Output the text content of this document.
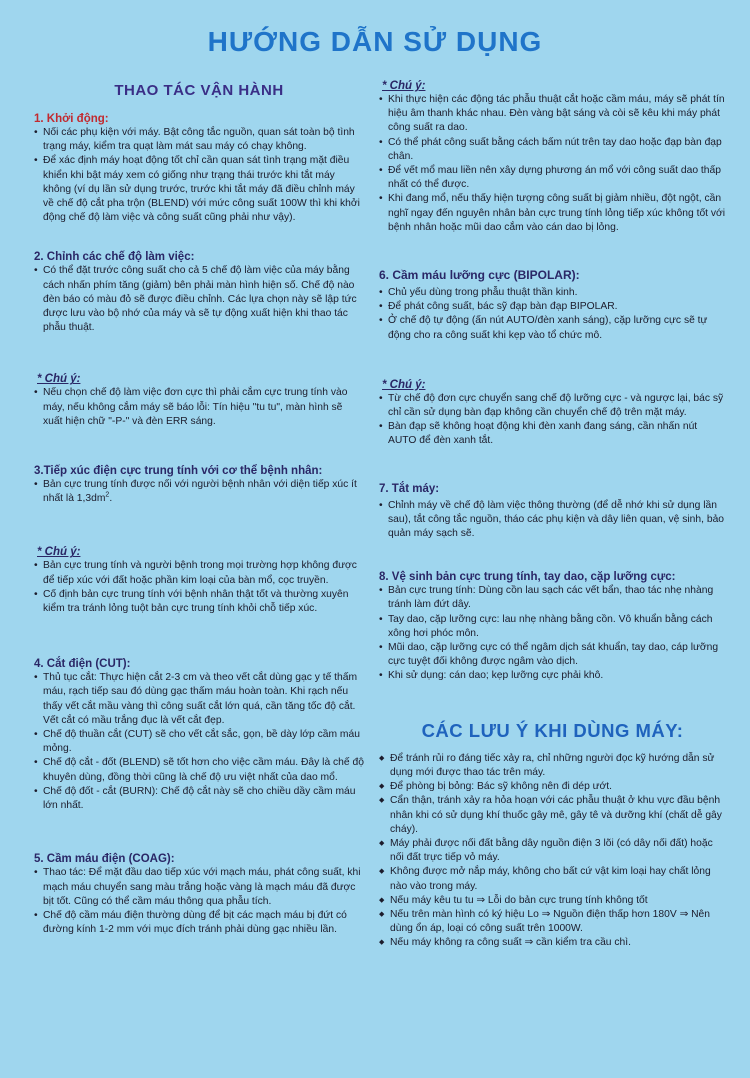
HƯỚNG DẪN SỬ DỤNG
THAO TÁC VẬN HÀNH
1. Khởi động:
• Nối các phụ kiện với máy. Bật công tắc nguồn, quan sát toàn bộ tình trạng máy, kiểm tra quạt làm mát sau máy có chạy không.
• Để xác định máy hoạt động tốt chỉ cần quan sát tình trạng mặt điều khiển khi bật máy xem có giống như trạng thái trước khi tắt máy không (ví dụ lần sử dụng trước, trước khi tắt máy đã điều chỉnh máy về chế độ cắt pha trộn (BLEND) với mức công suất 100W thì khi khởi động chế độ làm việc và công suất cũng phải như vậy).
2. Chỉnh các chế độ làm việc:
• Có thể đặt trước công suất cho cả 5 chế độ làm việc của máy bằng cách nhấn phím tăng (giảm) bên phải màn hình hiện số. Chế độ nào đèn báo có màu đỏ sẽ được điều chỉnh. Các lựa chọn này sẽ lập tức được lưu vào bộ nhớ của máy và sẽ tự động xuất hiện khi thao tác phẫu thuật.
* Chú ý:
• Nếu chọn chế độ làm việc đơn cực thì phải cắm cực trung tính vào máy, nếu không cắm máy sẽ báo lỗi: Tín hiệu "tu tu", màn hình sẽ xuất hiện chữ "-P-" và đèn ERR sáng.
3.Tiếp xúc điện cực trung tính với cơ thể bệnh nhân:
• Bản cực trung tính được nối với người bệnh nhân với diện tiếp xúc ít nhất là $1,3dm^2$.
* Chú ý:
• Bản cực trung tính và người bệnh trong mọi trường hợp không được để tiếp xúc với đất hoặc phần kim loại của bàn mổ, cọc truyền.
• Cố định bản cực trung tính với bệnh nhân thật tốt và thường xuyên kiểm tra tránh lỏng tuột bản cực trung tính khỏi chỗ tiếp xúc.
4. Cắt điện (CUT):
• Thủ tục cắt: Thực hiện cắt 2-3 cm và theo vết cắt dùng gạc y tế thấm máu, rạch tiếp sau đó dùng gạc thấm máu hoàn toàn. Khi rạch nếu thấy vết cắt mầu vàng thì công suất cắt lớn quá, cần tăng tốc độ cắt. Vết cắt có mầu trắng đục là vết cắt đẹp.
• Chế độ thuần cắt (CUT) sẽ cho vết cắt sắc, gọn, bề dày lớp cầm máu mỏng.
• Chế độ cắt - đốt (BLEND) sẽ tốt hơn cho việc cầm máu. Đây là chế độ khuyên dùng, đồng thời cũng là chế độ ưu việt nhất của dao mổ.
• Chế độ đốt - cắt (BURN): Chế độ cắt này sẽ cho chiều dầy cầm máu lớn nhất.
5. Cầm máu điện (COAG):
• Thao tác: Để mặt đầu dao tiếp xúc với mạch máu, phát công suất, khi mạch máu chuyển sang màu trắng hoặc vàng là mạch máu đã được bịt tốt. Cũng có thể cầm máu thông qua phẫu tích.
• Chế độ cầm máu điện thường dùng để bịt các mạch máu bị đứt có đường kính 1-2 mm với mục đích tránh phải dùng gạc nhiều lần.
* Chú ý:
• Khi thực hiện các động tác phẫu thuật cắt hoặc cầm máu, máy sẽ phát tín hiệu âm thanh khác nhau. Đèn vàng bật sáng và còi sẽ kêu khi máy phát công suất ra dao.
• Có thể phát công suất bằng cách bấm nút trên tay dao hoặc đạp bàn đạp chân.
• Để vết mổ mau liền nên xây dựng phương án mổ với công suất dao thấp nhất có thể được.
• Khi đang mổ, nếu thấy hiện tượng công suất bị giảm nhiều, đột ngột, cần nghĩ ngay đến nguyên nhân bản cực trung tính lỏng tiếp xúc không tốt với bệnh nhân hoặc mũi dao cắm vào cán dao bị lỏng.
6. Cầm máu lưỡng cực (BIPOLAR):
• Chủ yếu dùng trong phẫu thuật thần kinh.
• Để phát công suất, bác sỹ đạp bàn đạp BIPOLAR.
• Ở chế độ tự động (ấn nút AUTO/đèn xanh sáng), cặp lưỡng cực sẽ tự động cho ra công suất khi kẹp vào tổ chức mô.
* Chú ý:
• Từ chế độ đơn cực chuyển sang chế độ lưỡng cực - và ngược lại, bác sỹ chỉ cần sử dụng bàn đạp không cần chuyển chế độ trên mặt máy.
• Bàn đạp sẽ không hoạt động khi đèn xanh đang sáng, cần nhấn nút AUTO để đèn xanh tắt.
7. Tắt máy:
• Chỉnh máy về chế độ làm việc thông thường (để dễ nhớ khi sử dụng lần sau), tắt công tắc nguồn, tháo các phụ kiện và dây liên quan, vệ sinh, bảo quản máy sạch sẽ.
8. Vệ sinh bản cực trung tính, tay dao, cặp lưỡng cực:
• Bản cực trung tính: Dùng cồn lau sạch các vết bẩn, thao tác nhẹ nhàng tránh làm đứt dây.
• Tay dao, cặp lưỡng cực: lau nhẹ nhàng bằng cồn. Vô khuẩn bằng cách xông hơi phóc môn.
• Mũi dao, cặp lưỡng cực có thể ngâm dịch sát khuẩn, tay dao, cáp lưỡng cực tuyệt đối không được ngâm vào dịch.
• Khi sử dụng: cán dao; kẹp lưỡng cực phải khô.
CÁC LƯU Ý KHI DÙNG MÁY:
◆ Để tránh rủi ro đáng tiếc xảy ra, chỉ những người đọc kỹ hướng dẫn sử dụng mới được thao tác trên máy.
◆ Để phòng bị bỏng: Bác sỹ không nên đi dép ướt.
◆ Cẩn thận, tránh xảy ra hỏa hoạn với các phẫu thuật ở khu vực đầu bệnh nhân khi có sử dụng khí thuốc gây mê, gây tê và dưỡng khí (chất dễ gây cháy).
◆ Máy phải được nối đất bằng dây nguồn điện 3 lõi (có dây nối đất) hoặc nối đất trực tiếp vỏ máy.
◆ Không được mở nắp máy, không cho bất cứ vật kim loại hay chất lỏng nào vào trong máy.
◆ Nếu máy kêu tu tu ⇒ Lỗi do bản cực trung tính không tốt
◆ Nếu trên màn hình có ký hiệu Lo ⇒ Nguồn điện thấp hơn 180V ⇒ Nên dùng ổn áp, loại có công suất trên 1000W.
◆ Nếu máy không ra công suất ⇒ cần kiểm tra cầu chì.
